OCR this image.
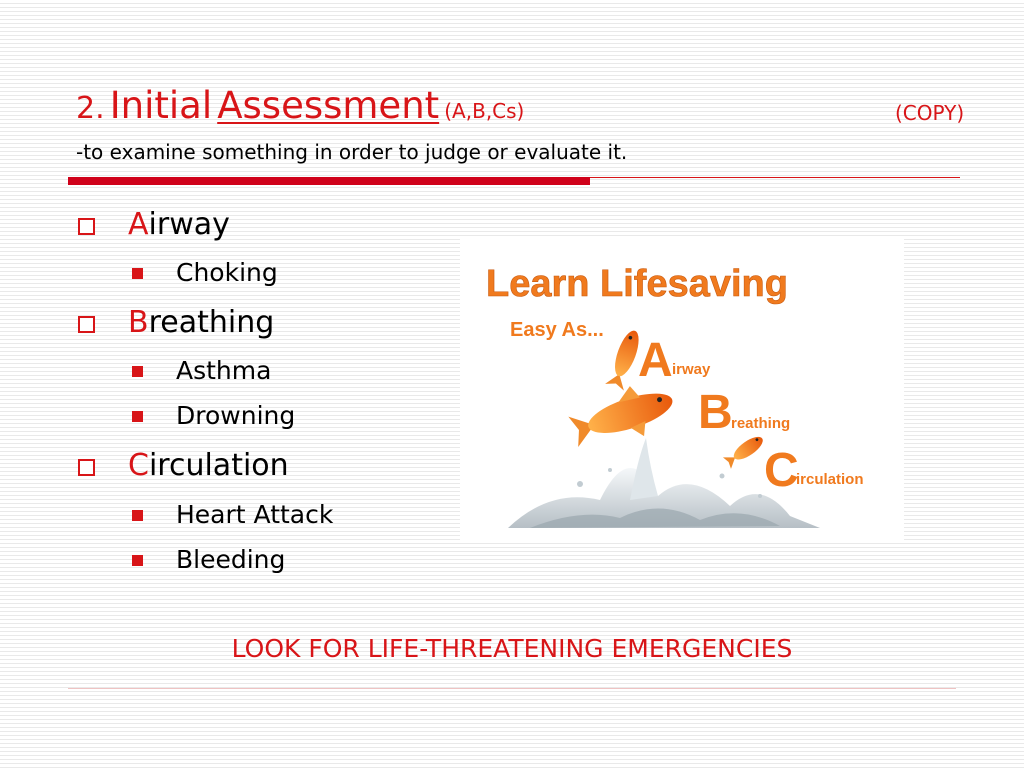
2. Initial Assessment (A,B,Cs)	(COPY)
-to examine something in order to judge or evaluate it.
Airway
Choking
Breathing
Asthma
Drowning
Circulation
Heart Attack
Bleeding
Learn Lifesaving
Easy As...
A irway
B
reathing
C
irculation
LOOK FOR LIFE-THREATENING EMERGENCIES
